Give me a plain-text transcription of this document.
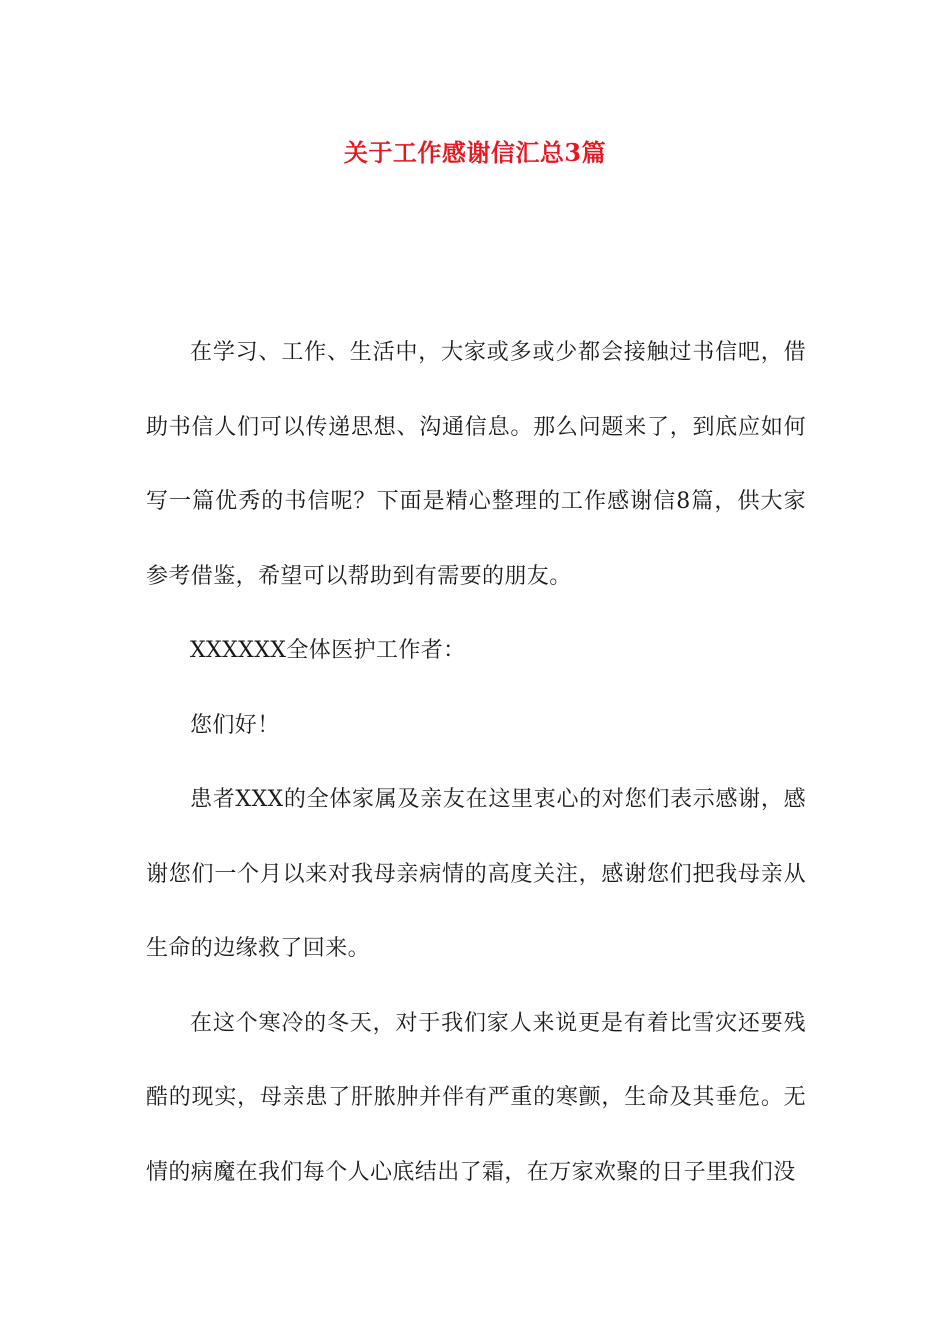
关于工作感谢信汇总3篇

在学习、工作、生活中，大家或多或少都会接触过书信吧，借助书信人们可以传递思想、沟通信息。那么问题来了，到底应如何写一篇优秀的书信呢？下面是精心整理的工作感谢信8篇，供大家参考借鉴，希望可以帮助到有需要的朋友。

XXXXXX全体医护工作者：

您们好！

患者XXX的全体家属及亲友在这里衷心的对您们表示感谢，感谢您们一个月以来对我母亲病情的高度关注，感谢您们把我母亲从生命的边缘救了回来。

在这个寒冷的冬天，对于我们家人来说更是有着比雪灾还要残酷的现实，母亲患了肝脓肿并伴有严重的寒颤，生命及其垂危。无情的病魔在我们每个人心底结出了霜，在万家欢聚的日子里我们没
